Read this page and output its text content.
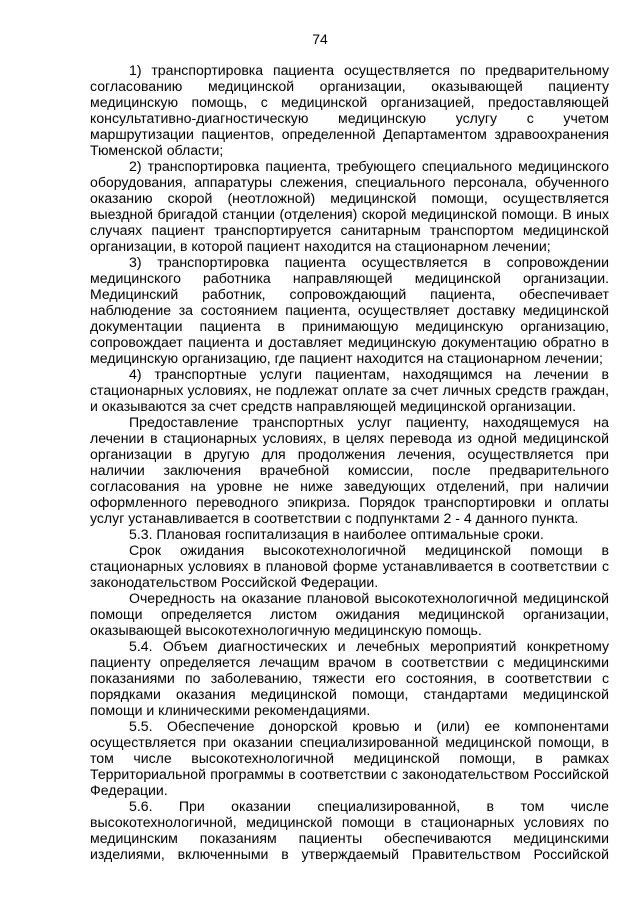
74

1) транспортировка пациента осуществляется по предварительному согласованию медицинской организации, оказывающей пациенту медицинскую помощь, с медицинской организацией, предоставляющей консультативно-диагностическую медицинскую услугу с учетом маршрутизации пациентов, определенной Департаментом здравоохранения Тюменской области;

2) транспортировка пациента, требующего специального медицинского оборудования, аппаратуры слежения, специального персонала, обученного оказанию скорой (неотложной) медицинской помощи, осуществляется выездной бригадой станции (отделения) скорой медицинской помощи. В иных случаях пациент транспортируется санитарным транспортом медицинской организации, в которой пациент находится на стационарном лечении;

3) транспортировка пациента осуществляется в сопровождении медицинского работника направляющей медицинской организации. Медицинский работник, сопровождающий пациента, обеспечивает наблюдение за состоянием пациента, осуществляет доставку медицинской документации пациента в принимающую медицинскую организацию, сопровождает пациента и доставляет медицинскую документацию обратно в медицинскую организацию, где пациент находится на стационарном лечении;

4) транспортные услуги пациентам, находящимся на лечении в стационарных условиях, не подлежат оплате за счет личных средств граждан, и оказываются за счет средств направляющей медицинской организации.

Предоставление транспортных услуг пациенту, находящемуся на лечении в стационарных условиях, в целях перевода из одной медицинской организации в другую для продолжения лечения, осуществляется при наличии заключения врачебной комиссии, после предварительного согласования на уровне не ниже заведующих отделений, при наличии оформленного переводного эпикриза. Порядок транспортировки и оплаты услуг устанавливается в соответствии с подпунктами 2 - 4 данного пункта.

5.3. Плановая госпитализация в наиболее оптимальные сроки.

Срок ожидания высокотехнологичной медицинской помощи в стационарных условиях в плановой форме устанавливается в соответствии с законодательством Российской Федерации.

Очередность на оказание плановой высокотехнологичной медицинской помощи определяется листом ожидания медицинской организации, оказывающей высокотехнологичную медицинскую помощь.

5.4. Объем диагностических и лечебных мероприятий конкретному пациенту определяется лечащим врачом в соответствии с медицинскими показаниями по заболеванию, тяжести его состояния, в соответствии с порядками оказания медицинской помощи, стандартами медицинской помощи и клиническими рекомендациями.

5.5. Обеспечение донорской кровью и (или) ее компонентами осуществляется при оказании специализированной медицинской помощи, в том числе высокотехнологичной медицинской помощи, в рамках Территориальной программы в соответствии с законодательством Российской Федерации.

5.6. При оказании специализированной, в том числе высокотехнологичной, медицинской помощи в стационарных условиях по медицинским показаниям пациенты обеспечиваются медицинскими изделиями, включенными в утверждаемый Правительством Российской
